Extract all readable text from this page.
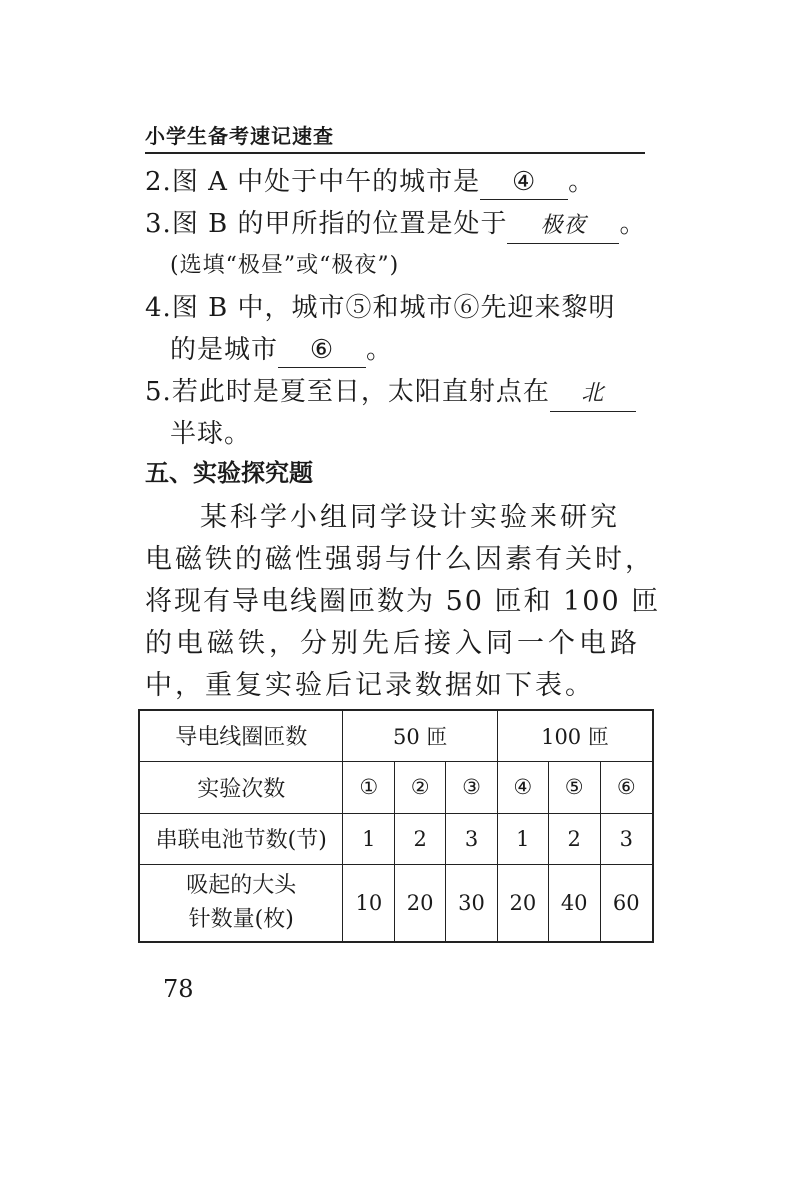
小学生备考速记速查
2.图 A 中处于中午的城市是 ④ 。
3.图 B 的甲所指的位置是处于 极夜 。
(选填“极昼”或“极夜”)
4.图 B 中，城市⑤和城市⑥先迎来黎明
的是城市 ⑥ 。
5.若此时是夏至日，太阳直射点在 北
半球。
五、实验探究题
某科学小组同学设计实验来研究
电磁铁的磁性强弱与什么因素有关时，
将现有导电线圈匝数为 50 匝和 100 匝
的电磁铁，分别先后接入同一个电路
中，重复实验后记录数据如下表。
导电线圈匝数	50 匝			100 匝		
实验次数	①	②	③	④	⑤	⑥
串联电池节数(节)	1	2	3	1	2	3
吸起的大头
针数量(枚)	10	20	30	20	40	60
78
